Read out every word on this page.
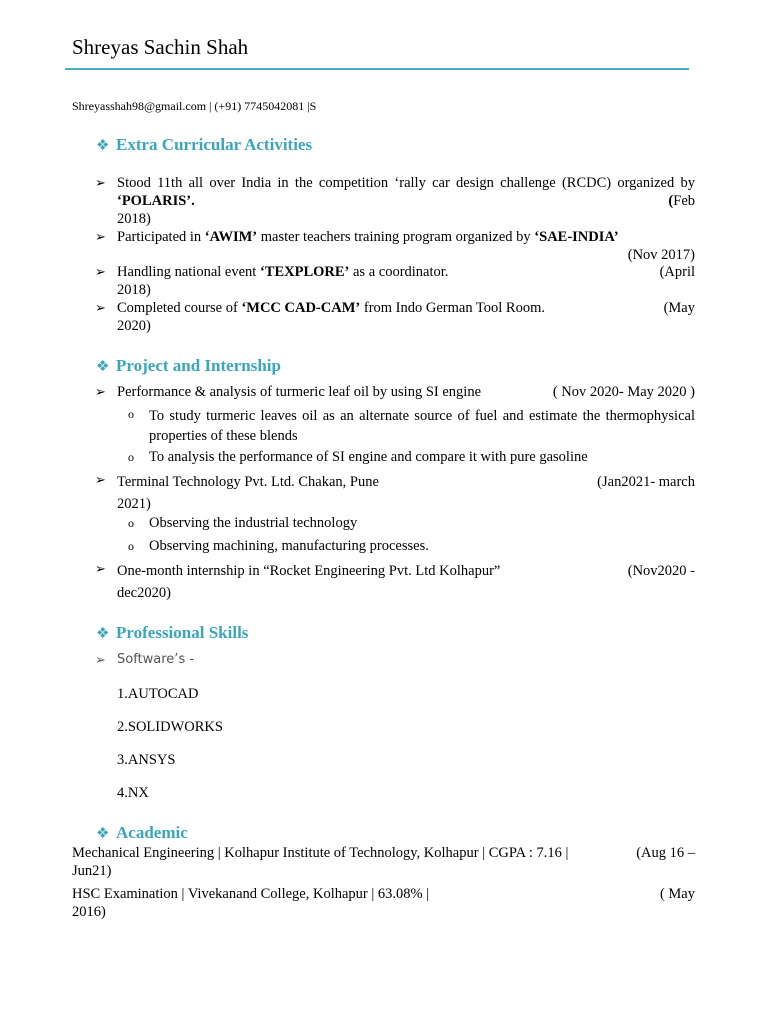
Shreyas Sachin Shah
Shreyasshah98@gmail.com | (+91) 7745042081 |S
❖ Extra Curricular Activities
➢ Stood 11th all over India in the competition ‘rally car design challenge (RCDC) organized by ‘POLARIS’.	(Feb

2018)
➢ Participated in ‘AWIM’ master teachers training program organized by ‘SAE-INDIA’

(Nov 2017)
➢ Handling national event ‘TEXPLORE’ as a coordinator.	(April

2018)
➢ Completed course of ‘MCC CAD-CAM’ from Indo German Tool Room.	(May

2020)
❖ Project and Internship
➢ Performance & analysis of turmeric leaf oil by using SI engine	( Nov 2020- May 2020 )
o To study turmeric leaves oil as an alternate source of fuel and estimate the thermophysical
properties of these blends
o To analysis the performance of SI engine and compare it with pure gasoline
➢ Terminal Technology Pvt. Ltd. Chakan, Pune	(Jan2021- march

2021)
o Observing the industrial technology
o Observing machining, manufacturing processes.
➢ One-month internship in “Rocket Engineering Pvt. Ltd Kolhapur”	(Nov2020 -

dec2020)
❖ Professional Skills
➢ Software’s -
1.AUTOCAD
2.SOLIDWORKS
3.ANSYS
4.NX
❖ Academic
Mechanical Engineering | Kolhapur Institute of Technology, Kolhapur | CGPA : 7.16 |	(Aug 16 –

Jun21)
HSC Examination | Vivekanand College, Kolhapur | 63.08% |	( May

2016)
